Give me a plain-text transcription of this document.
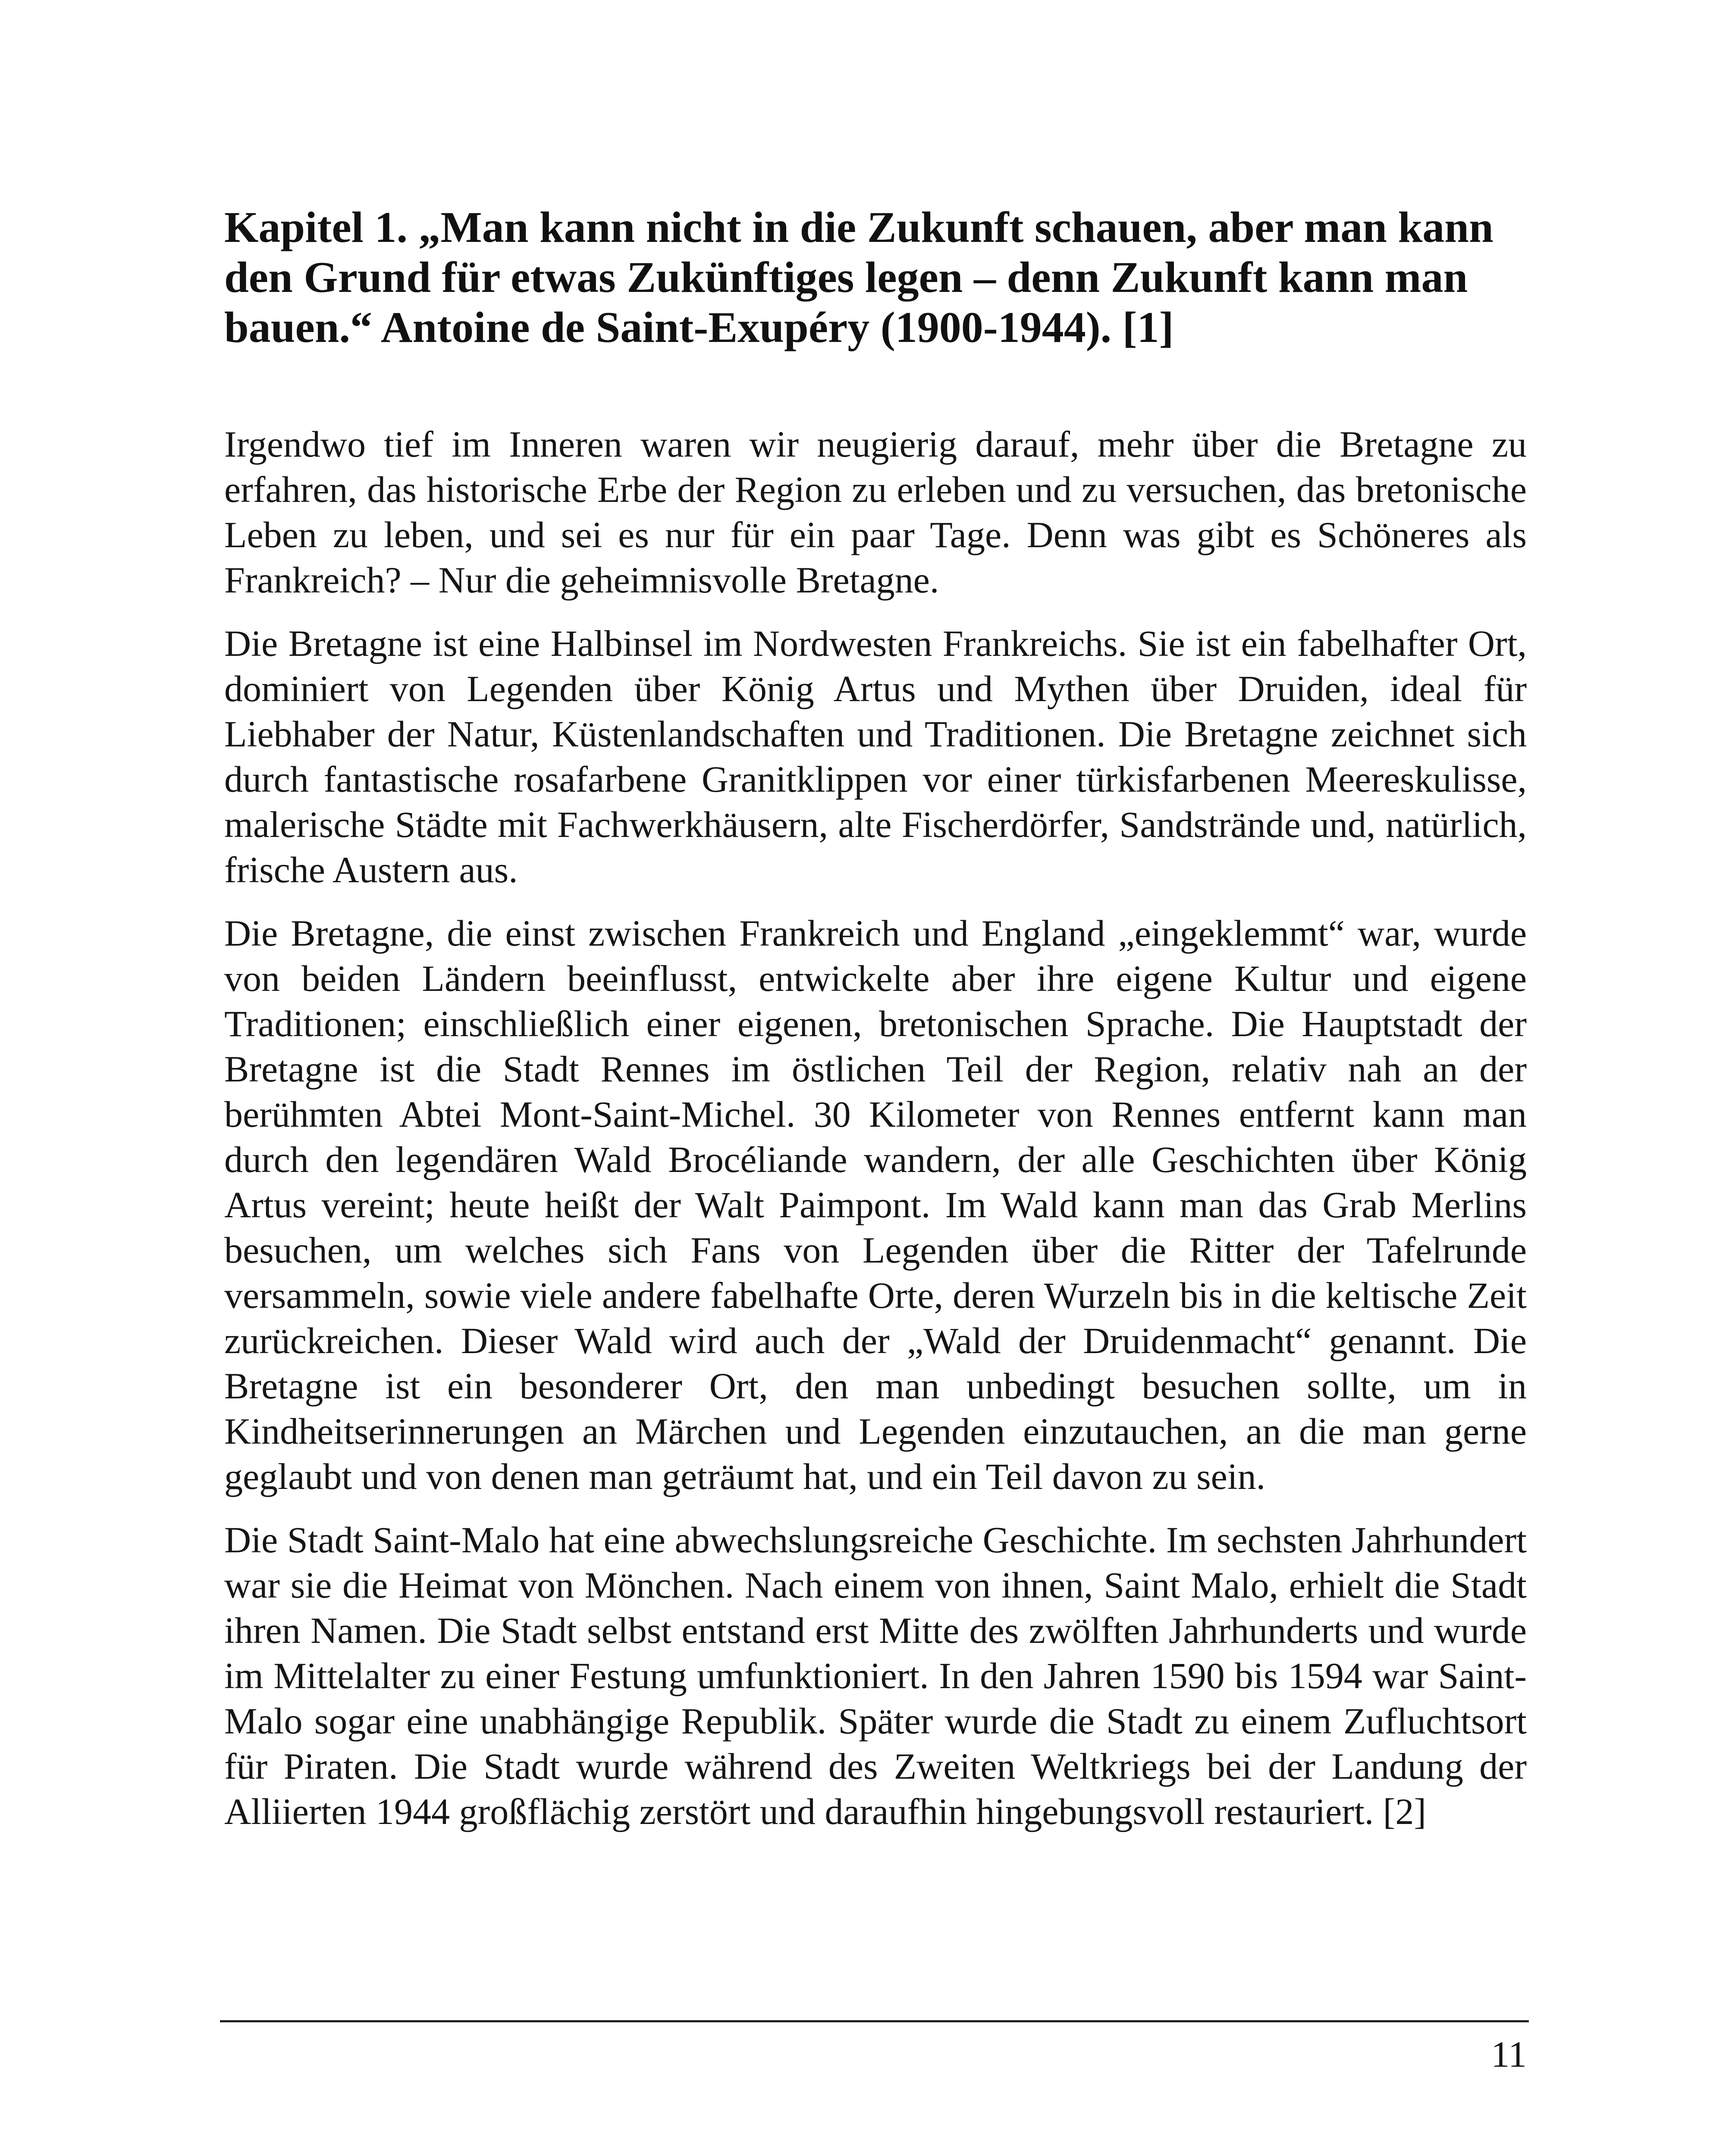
Kapitel 1. „Man kann nicht in die Zukunft schauen, aber man kann den Grund für etwas Zukünftiges legen – denn Zukunft kann man bauen.“ Antoine de Saint-Exupéry (1900-1944). [1]

Irgendwo tief im Inneren waren wir neugierig darauf, mehr über die Bretagne zu erfahren, das historische Erbe der Region zu erleben und zu versuchen, das bretonische Leben zu leben, und sei es nur für ein paar Tage. Denn was gibt es Schöneres als Frankreich? – Nur die geheimnisvolle Bretagne.

Die Bretagne ist eine Halbinsel im Nordwesten Frankreichs. Sie ist ein fabelhafter Ort, dominiert von Legenden über König Artus und Mythen über Druiden, ideal für Liebhaber der Natur, Küstenlandschaften und Traditionen. Die Bretagne zeichnet sich durch fantastische rosafarbene Granitklippen vor einer türkisfarbenen Meereskulisse, malerische Städte mit Fachwerkhäusern, alte Fischerdörfer, Sandstrände und, natürlich, frische Austern aus.

Die Bretagne, die einst zwischen Frankreich und England „eingeklemmt“ war, wurde von beiden Ländern beeinflusst, entwickelte aber ihre eigene Kultur und eigene Traditionen; einschließlich einer eigenen, bretonischen Sprache. Die Hauptstadt der Bretagne ist die Stadt Rennes im östlichen Teil der Region, relativ nah an der berühmten Abtei Mont-Saint-Michel. 30 Kilometer von Rennes entfernt kann man durch den legendären Wald Brocéliande wandern, der alle Geschichten über König Artus vereint; heute heißt der Walt Paimpont. Im Wald kann man das Grab Merlins besuchen, um welches sich Fans von Legenden über die Ritter der Tafelrunde versammeln, sowie viele andere fabelhafte Orte, deren Wurzeln bis in die keltische Zeit zurückreichen. Dieser Wald wird auch der „Wald der Druidenmacht“ genannt. Die Bretagne ist ein besonderer Ort, den man unbedingt besuchen sollte, um in Kindheitserinnerungen an Märchen und Legenden einzutauchen, an die man gerne geglaubt und von denen man geträumt hat, und ein Teil davon zu sein.

Die Stadt Saint-Malo hat eine abwechslungsreiche Geschichte. Im sechsten Jahrhundert war sie die Heimat von Mönchen. Nach einem von ihnen, Saint Malo, erhielt die Stadt ihren Namen. Die Stadt selbst entstand erst Mitte des zwölften Jahrhunderts und wurde im Mittelalter zu einer Festung umfunktioniert. In den Jahren 1590 bis 1594 war Saint-Malo sogar eine unabhängige Republik. Später wurde die Stadt zu einem Zufluchtsort für Piraten. Die Stadt wurde während des Zweiten Weltkriegs bei der Landung der Alliierten 1944 großflächig zerstört und daraufhin hingebungsvoll restauriert. [2]

11
